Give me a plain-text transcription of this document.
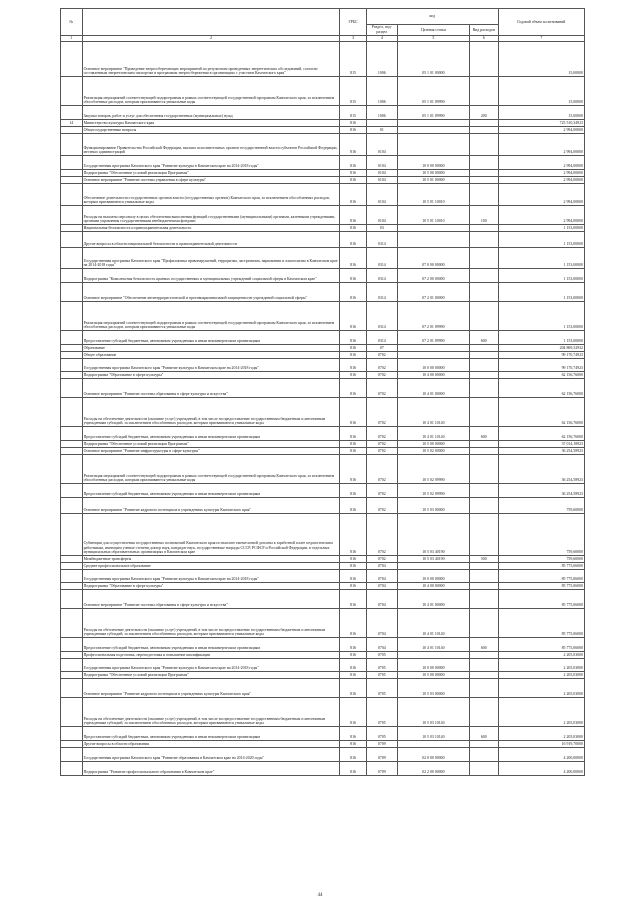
№		ГРБС	код			Годовой объем ассигнований
			Раздел, под-раздел	Целевая статья	Вид расходов	
1	2	3	4	5	6	7
	Основное мероприятие "Проведение энергосберегающих мероприятий по результатам проведенных энергетических обследований, согласно составленным энергетическим паспортам и программам энергосбережения в организациях с участием Камчатского края"	815	1006	05 1 01 00000		15,00000
	Реализация мероприятий соответствующей подпрограммы в рамках соответствующей государственной программы Камчатского края, за исключением обособленных расходов, которым присваиваются уникальные коды	815	1006	05 1 01 09990		15,00000
	Закупка товаров, работ и услуг для обеспечения государственных (муниципальных) нужд	815	1006	05 1 01 09990	200	15,00000
14	Министерство культуры Камчатского края	816				725 510,34923
	Общегосударственные вопросы	816	01			2 994,00000
	Функционирование Правительства Российской Федерации, высших исполнительных органов государственной власти субъектов Российской Федерации, местных администраций	816	0104			2 994,00000
	Государственная программа Камчатского края "Развитие культуры в Камчатском крае на 2014-2018 годы"	816	0104	10 0 00 00000		2 994,00000
	Подпрограмма "Обеспечение условий реализации Программы"	816	0104	10 5 00 00000		2 994,00000
	Основное мероприятие "Развитие системы управления в сфере культуры"	816	0104	10 5 01 00000		2 994,00000
	Обеспечение деятельности государственных органов власти (государственных органов) Камчатского края, за исключением обособленных расходов, которым присваиваются уникальные коды	816	0104	10 5 01 10010		2 994,00000
	Расходы на выплаты персоналу в целях обеспечения выполнения функций государственными (муниципальными) органами, казенными учреждениями, органами управления государственными внебюджетными фондами	816	0104	10 5 01 10010	100	2 994,00000
	Национальная безопасность и правоохранительная деятельность	816	03			1 153,00000
	Другие вопросы в области национальной безопасности и правоохранительной деятельности	816	0314			1 153,00000
	Государственная программа Камчатского края "Профилактика правонарушений, терроризма, экстремизма, наркомании и алкоголизма в Камчатском крае на 2014-2018 годы"	816	0314	07 0 00 00000		1 153,00000
	Подпрограмма "Комплексная безопасность краевых государственных и муниципальных учреждений социальной сферы в Камчатском крае"	816	0314	07 2 00 00000		1 153,00000
	Основное мероприятие "Обеспечение антитеррористической и противокриминальной защищенности учреждений социальной сферы"	816	0314	07 2 01 00000		1 153,00000
	Реализация мероприятий соответствующей подпрограммы в рамках соответствующей государственной программы Камчатского края, за исключением обособленных расходов, которым присваиваются уникальные коды	816	0314	07 2 01 09990		1 153,00000
	Предоставление субсидий бюджетным, автономным учреждениям и иным некоммерческим организациям	816	0314	07 2 01 09990	600	1 153,00000
	Образование	816	07			204 869,52932
	Общее образование	816	0702			99 170,74923
	Государственная программа Камчатского края "Развитие культуры в Камчатском крае на 2014-2018 годы"	816	0702	10 0 00 00000		99 170,74923
	Подпрограмма "Образование в сфере культуры"	816	0702	10 4 00 00000		62 156,76000
	Основное мероприятие "Развитие системы образования в сфере культуры и искусства"	816	0702	10 4 01 00000		62 156,76000
	Расходы на обеспечение деятельности (оказание услуг) учреждений, в том числе на предоставление государственным бюджетным и автономным учреждениям субсидий, за исключением обособленных расходов, которым присваиваются уникальные коды	816	0702	10 4 01 10140		62 156,76000
	Предоставление субсидий бюджетным, автономным учреждениям и иным некоммерческим организациям	816	0702	10 4 01 10140	600	62 156,76000
	Подпрограмма "Обеспечение условий реализации Программы"	816	0702	10 5 00 00000		37 014,18923
	Основное мероприятие "Развитие инфраструктуры в сфере культуры"	816	0702	10 5 02 00000		36 254,58923
	Реализация мероприятий соответствующей подпрограммы в рамках соответствующей государственной программы Камчатского края, за исключением обособленных расходов, которым присваиваются уникальные коды	816	0702	10 5 02 09990		36 254,58923
	Предоставление субсидий бюджетным, автономным учреждениям и иным некоммерческим организациям	816	0702	10 5 02 09990		36 254,58923
	Основное мероприятие "Развитие кадрового потенциала в учреждениях культуры Камчатского края"	816	0702	10 5 03 00000		759,60000
	Субвенции для осуществления государственных полномочий Камчатского края по выплате ежемесячной доплаты к заработной плате педагогическим работникам, имеющим ученые степени доктор наук, кандидат наук, государственные награды СССР, РСФСР и Российской Федерации, в отдельных муниципальных образовательных организациях в Камчатском крае	816	0702	10 5 03 40190		759,60000
	Межбюджетные трансферты	816	0702	10 5 03 40190	500	759,60000
	Среднее профессиональное образование	816	0704			85 775,06000
	Государственная программа Камчатского края "Развитие культуры в Камчатском крае на 2014-2018 годы"	816	0704	10 0 00 00000		85 775,06000
	Подпрограмма "Образование в сфере культуры"	816	0704	10 4 00 00000		85 775,06000
	Основное мероприятие "Развитие системы образования в сфере культуры и искусства"	816	0704	10 4 01 00000		85 775,06000
	Расходы на обеспечение деятельности (оказание услуг) учреждений, в том числе на предоставление государственным бюджетным и автономным учреждениям субсидий, за исключением обособленных расходов, которым присваиваются уникальные коды	816	0704	10 4 01 10140		85 775,06000
	Предоставление субсидий бюджетным, автономным учреждениям и иным некоммерческим организациям	816	0704	10 4 01 10140	600	85 775,06000
	Профессиональная подготовка, переподготовка и повышение квалификации	816	0705			2 205,03000
	Государственная программа Камчатского края "Развитие культуры в Камчатском крае на 2014-2018 годы"	816	0705	10 0 00 00000		2 205,03000
	Подпрограмма "Обеспечение условий реализации Программы"	816	0705	10 5 00 00000		2 205,03000
	Основное мероприятие "Развитие кадрового потенциала в учреждениях культуры Камчатского края"	816	0705	10 5 03 00000		2 205,03000
	Расходы на обеспечение деятельности (оказание услуг) учреждений, в том числе на предоставление государственным бюджетным и автономным учреждениям субсидий, за исключением обособленных расходов, которым присваиваются уникальные коды	816	0705	10 5 03 10140		2 205,03000
	Предоставление субсидий бюджетным, автономным учреждениям и иным некоммерческим организациям	816	0705	10 5 03 10140	600	2 205,03000
	Другие вопросы в области образования	816	0709			16 919,70000
	Государственная программа Камчатского края "Развитие образования в Камчатском крае на 2014-2020 годы"	816	0709	02 0 00 00000		4 200,00000
	Подпрограмма "Развитие профессионального образования в Камчатском крае"	816	0709	02 2 00 00000		4 200,00000
44
